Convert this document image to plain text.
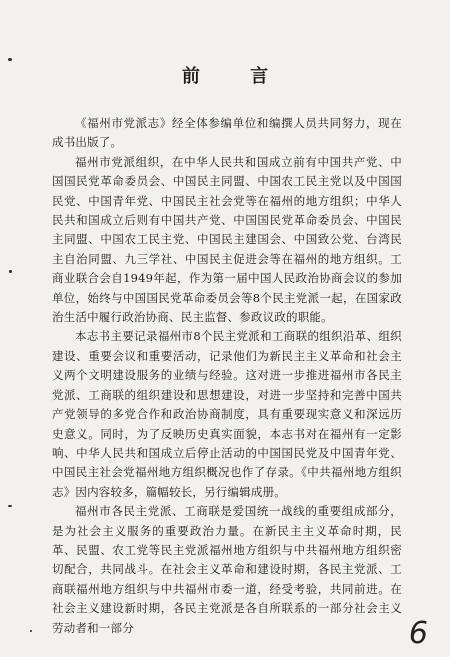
前 言

《福州市党派志》经全体参编单位和编撰人员共同努力，现在成书出版了。

福州市党派组织，在中华人民共和国成立前有中国共产党、中国国民党革命委员会、中国民主同盟、中国农工民主党以及中国国民党、中国青年党、中国民主社会党等在福州的地方组织；中华人民共和国成立后则有中国共产党、中国国民党革命委员会、中国民主同盟、中国农工民主党、中国民主建国会、中国致公党、台湾民主自治同盟、九三学社、中国民主促进会等在福州的地方组织。工商业联合会自1949年起，作为第一届中国人民政治协商会议的参加单位，始终与中国国民党革命委员会等8个民主党派一起，在国家政治生活中履行政治协商、民主监督、参政议政的职能。

本志书主要记录福州市8个民主党派和工商联的组织沿革、组织建设、重要会议和重要活动，记录他们为新民主主义革命和社会主义两个文明建设服务的业绩与经验。这对进一步推进福州市各民主党派、工商联的组织建设和思想建设，对进一步坚持和完善中国共产党领导的多党合作和政治协商制度，具有重要现实意义和深远历史意义。同时，为了反映历史真实面貌，本志书对在福州有一定影响、中华人民共和国成立后停止活动的中国国民党及中国青年党、中国民主社会党福州地方组织概况也作了存录。《中共福州地方组织志》因内容较多，篇幅较长，另行编辑成册。

福州市各民主党派、工商联是爱国统一战线的重要组成部分，是为社会主义服务的重要政治力量。在新民主主义革命时期，民革、民盟、农工党等民主党派福州地方组织与中共福州地方组织密切配合，共同战斗。在社会主义革命和建设时期，各民主党派、工商联福州地方组织与中共福州市委一道，经受考验，共同前进。在社会主义建设新时期，各民主党派是各自所联系的一部分社会主义劳动者和一部分	6
